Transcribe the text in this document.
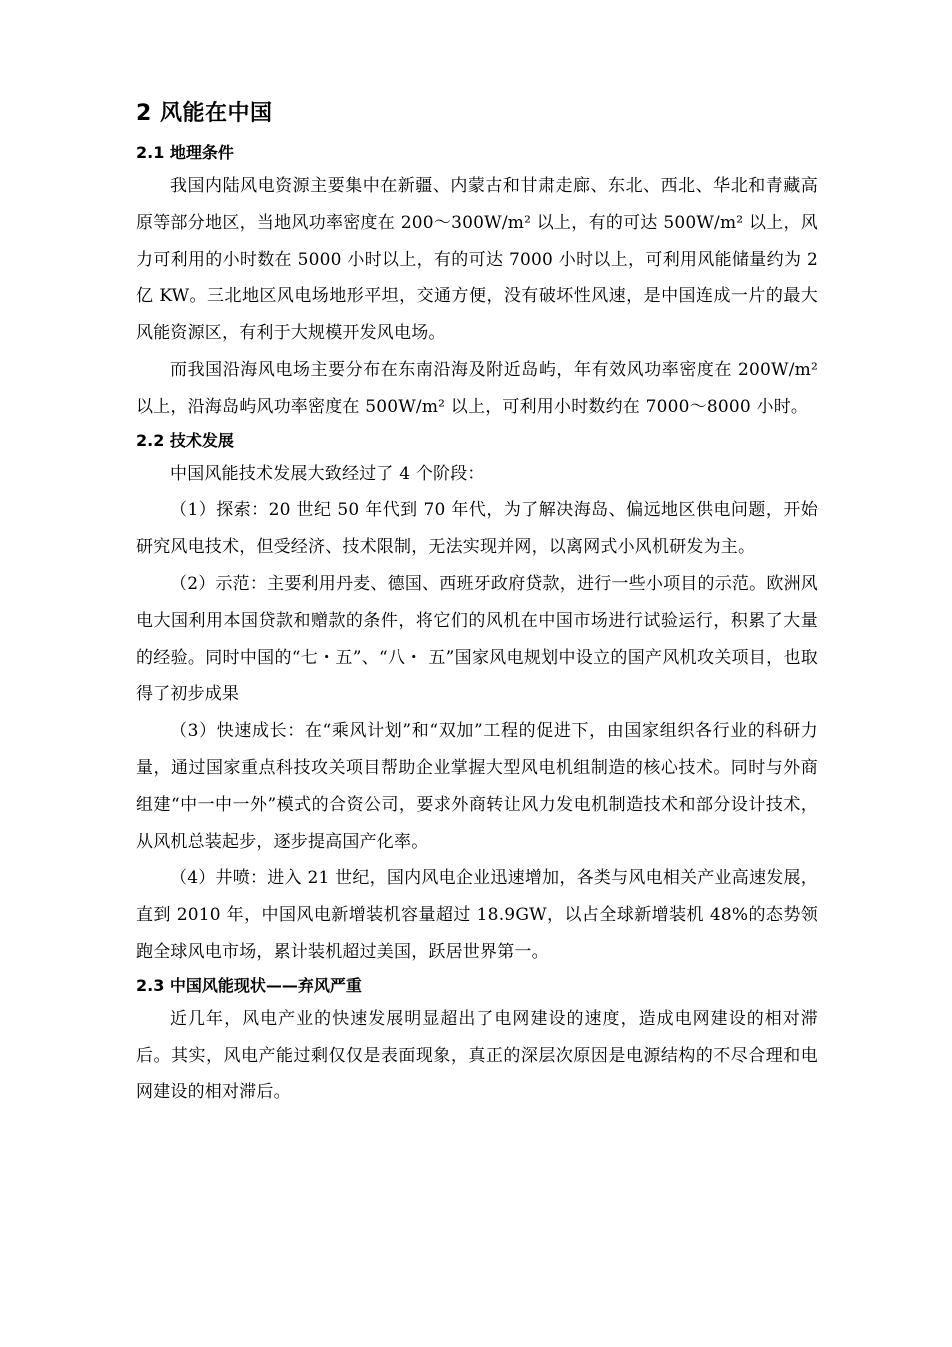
2 风能在中国
2.1 地理条件

我国内陆风电资源主要集中在新疆、内蒙古和甘肃走廊、东北、西北、华北和青藏高原等部分地区，当地风功率密度在 200～300W/m² 以上，有的可达 500W/m² 以上，风力可利用的小时数在 5000 小时以上，有的可达 7000 小时以上，可利用风能储量约为 2 亿 KW。三北地区风电场地形平坦，交通方便，没有破坏性风速，是中国连成一片的最大风能资源区，有利于大规模开发风电场。

而我国沿海风电场主要分布在东南沿海及附近岛屿，年有效风功率密度在 200W/m² 以上，沿海岛屿风功率密度在 500W/m² 以上，可利用小时数约在 7000～8000 小时。

2.2 技术发展

中国风能技术发展大致经过了 4 个阶段：

（1）探索：20 世纪 50 年代到 70 年代，为了解决海岛、偏远地区供电问题，开始研究风电技术，但受经济、技术限制，无法实现并网，以离网式小风机研发为主。

（2）示范：主要利用丹麦、德国、西班牙政府贷款，进行一些小项目的示范。欧洲风电大国利用本国贷款和赠款的条件，将它们的风机在中国市场进行试验运行，积累了大量的经验。同时中国的“七・五”、“八・ 五”国家风电规划中设立的国产风机攻关项目，也取得了初步成果

（3）快速成长：在“乘风计划”和“双加”工程的促进下，由国家组织各行业的科研力量，通过国家重点科技攻关项目帮助企业掌握大型风电机组制造的核心技术。同时与外商组建“中一中一外”模式的合资公司，要求外商转让风力发电机制造技术和部分设计技术，从风机总装起步，逐步提高国产化率。

（4）井喷：进入 21 世纪，国内风电企业迅速增加，各类与风电相关产业高速发展，直到 2010 年，中国风电新增装机容量超过 18.9GW，以占全球新增装机 48%的态势领跑全球风电市场，累计装机超过美国，跃居世界第一。

2.3 中国风能现状——弃风严重

近几年，风电产业的快速发展明显超出了电网建设的速度，造成电网建设的相对滞后。其实，风电产能过剩仅仅是表面现象，真正的深层次原因是电源结构的不尽合理和电网建设的相对滞后。
